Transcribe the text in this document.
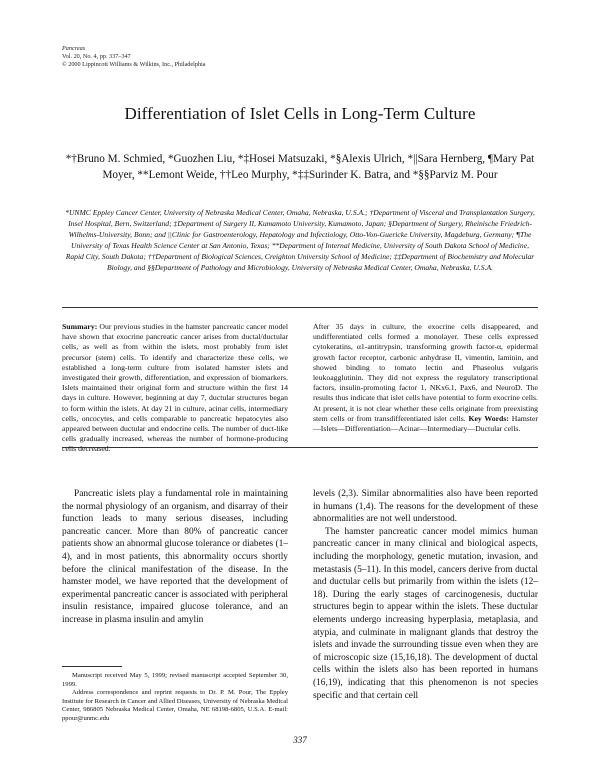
Pancreas
Vol. 20, No. 4, pp. 337–347
© 2000 Lippincott Williams & Wilkins, Inc., Philadelphia
Differentiation of Islet Cells in Long-Term Culture
*†Bruno M. Schmied, *Guozhen Liu, *‡Hosei Matsuzaki, *§Alexis Ulrich, *||Sara Hernberg, ¶Mary Pat Moyer, **Lemont Weide, ††Leo Murphy, *‡‡Surinder K. Batra, and *§§Parviz M. Pour
*UNMC Eppley Cancer Center, University of Nebraska Medical Center, Omaha, Nebraska, U.S.A.; †Department of Visceral and Transplantation Surgery, Insel Hospital, Bern, Switzerland; ‡Department of Surgery II, Kumamoto University, Kumamoto, Japan; §Department of Surgery, Rheinische Friedrich-Wilhelms-University, Bonn; and ||Clinic for Gastroenterology, Hepatology and Infectiology, Otto-Von-Guericke University, Magdeburg, Germany; ¶The University of Texas Health Science Center at San Antonio, Texas; **Department of Internal Medicine, University of South Dakota School of Medicine, Rapid City, South Dakota; ††Department of Biological Sciences, Creighton University School of Medicine; ‡‡Department of Biochemistry and Molecular Biology, and §§Department of Pathology and Microbiology, University of Nebraska Medical Center, Omaha, Nebraska, U.S.A.
Summary: Our previous studies in the hamster pancreatic cancer model have shown that exocrine pancreatic cancer arises from ductal/ductular cells, as well as from within the islets, most probably from islet precursor (stem) cells. To identify and characterize these cells, we established a long-term culture from isolated hamster islets and investigated their growth, differentiation, and expression of biomarkers. Islets maintained their original form and structure within the first 14 days in culture. However, beginning at day 7, ductular structures began to form within the islets. At day 21 in culture, acinar cells, intermediary cells, oncocytes, and cells comparable to pancreatic hepatocytes also appeared between ductular and endocrine cells. The number of duct-like cells gradually increased, whereas the number of hormone-producing cells decreased.
After 35 days in culture, the exocrine cells disappeared, and undifferentiated cells formed a monolayer. These cells expressed cytokeratins, α1-antitrypsin, transforming growth factor-α, epidermal growth factor receptor, carbonic anhydrase II, vimentin, laminin, and showed binding to tomato lectin and Phaseolus vulgaris leukoagglutinin. They did not express the regulatory transcriptional factors, insulin-promoting factor 1, NKx6.1, Pax6, and NeuroD. The results thus indicate that islet cells have potential to form exocrine cells. At present, it is not clear whether these cells originate from preexisting stem cells or from transdifferentiated islet cells. Key Words: Hamster—Islets—Differentiation—Acinar—Intermediary—Ductular cells.

Pancreatic islets play a fundamental role in maintaining the normal physiology of an organism, and disarray of their function leads to many serious diseases, including pancreatic cancer. More than 80% of pancreatic cancer patients show an abnormal glucose tolerance or diabetes (1–4), and in most patients, this abnormality occurs shortly before the clinical manifestation of the disease. In the hamster model, we have reported that the development of experimental pancreatic cancer is associated with peripheral insulin resistance, impaired glucose tolerance, and an increase in plasma insulin and amylin

levels (2,3). Similar abnormalities also have been reported in humans (1,4). The reasons for the development of these abnormalities are not well understood.

The hamster pancreatic cancer model mimics human pancreatic cancer in many clinical and biological aspects, including the morphology, genetic mutation, invasion, and metastasis (5–11). In this model, cancers derive from ductal and ductular cells but primarily from within the islets (12–18). During the early stages of carcinogenesis, ductular structures begin to appear within the islets. These ductular elements undergo increasing hyperplasia, metaplasia, and atypia, and culminate in malignant glands that destroy the islets and invade the surrounding tissue even when they are of microscopic size (15,16,18). The development of ductal cells within the islets also has been reported in humans (16,19), indicating that this phenomenon is not species specific and that certain cell

Manuscript received May 5, 1999; revised manuscript accepted September 30, 1999.

Address correspondence and reprint requests to Dr. P. M. Pour, The Eppley Institute for Research in Cancer and Allied Diseases, University of Nebraska Medical Center, 986805 Nebraska Medical Center, Omaha, NE 68198-6805, U.S.A. E-mail: ppour@unmc.edu

337
